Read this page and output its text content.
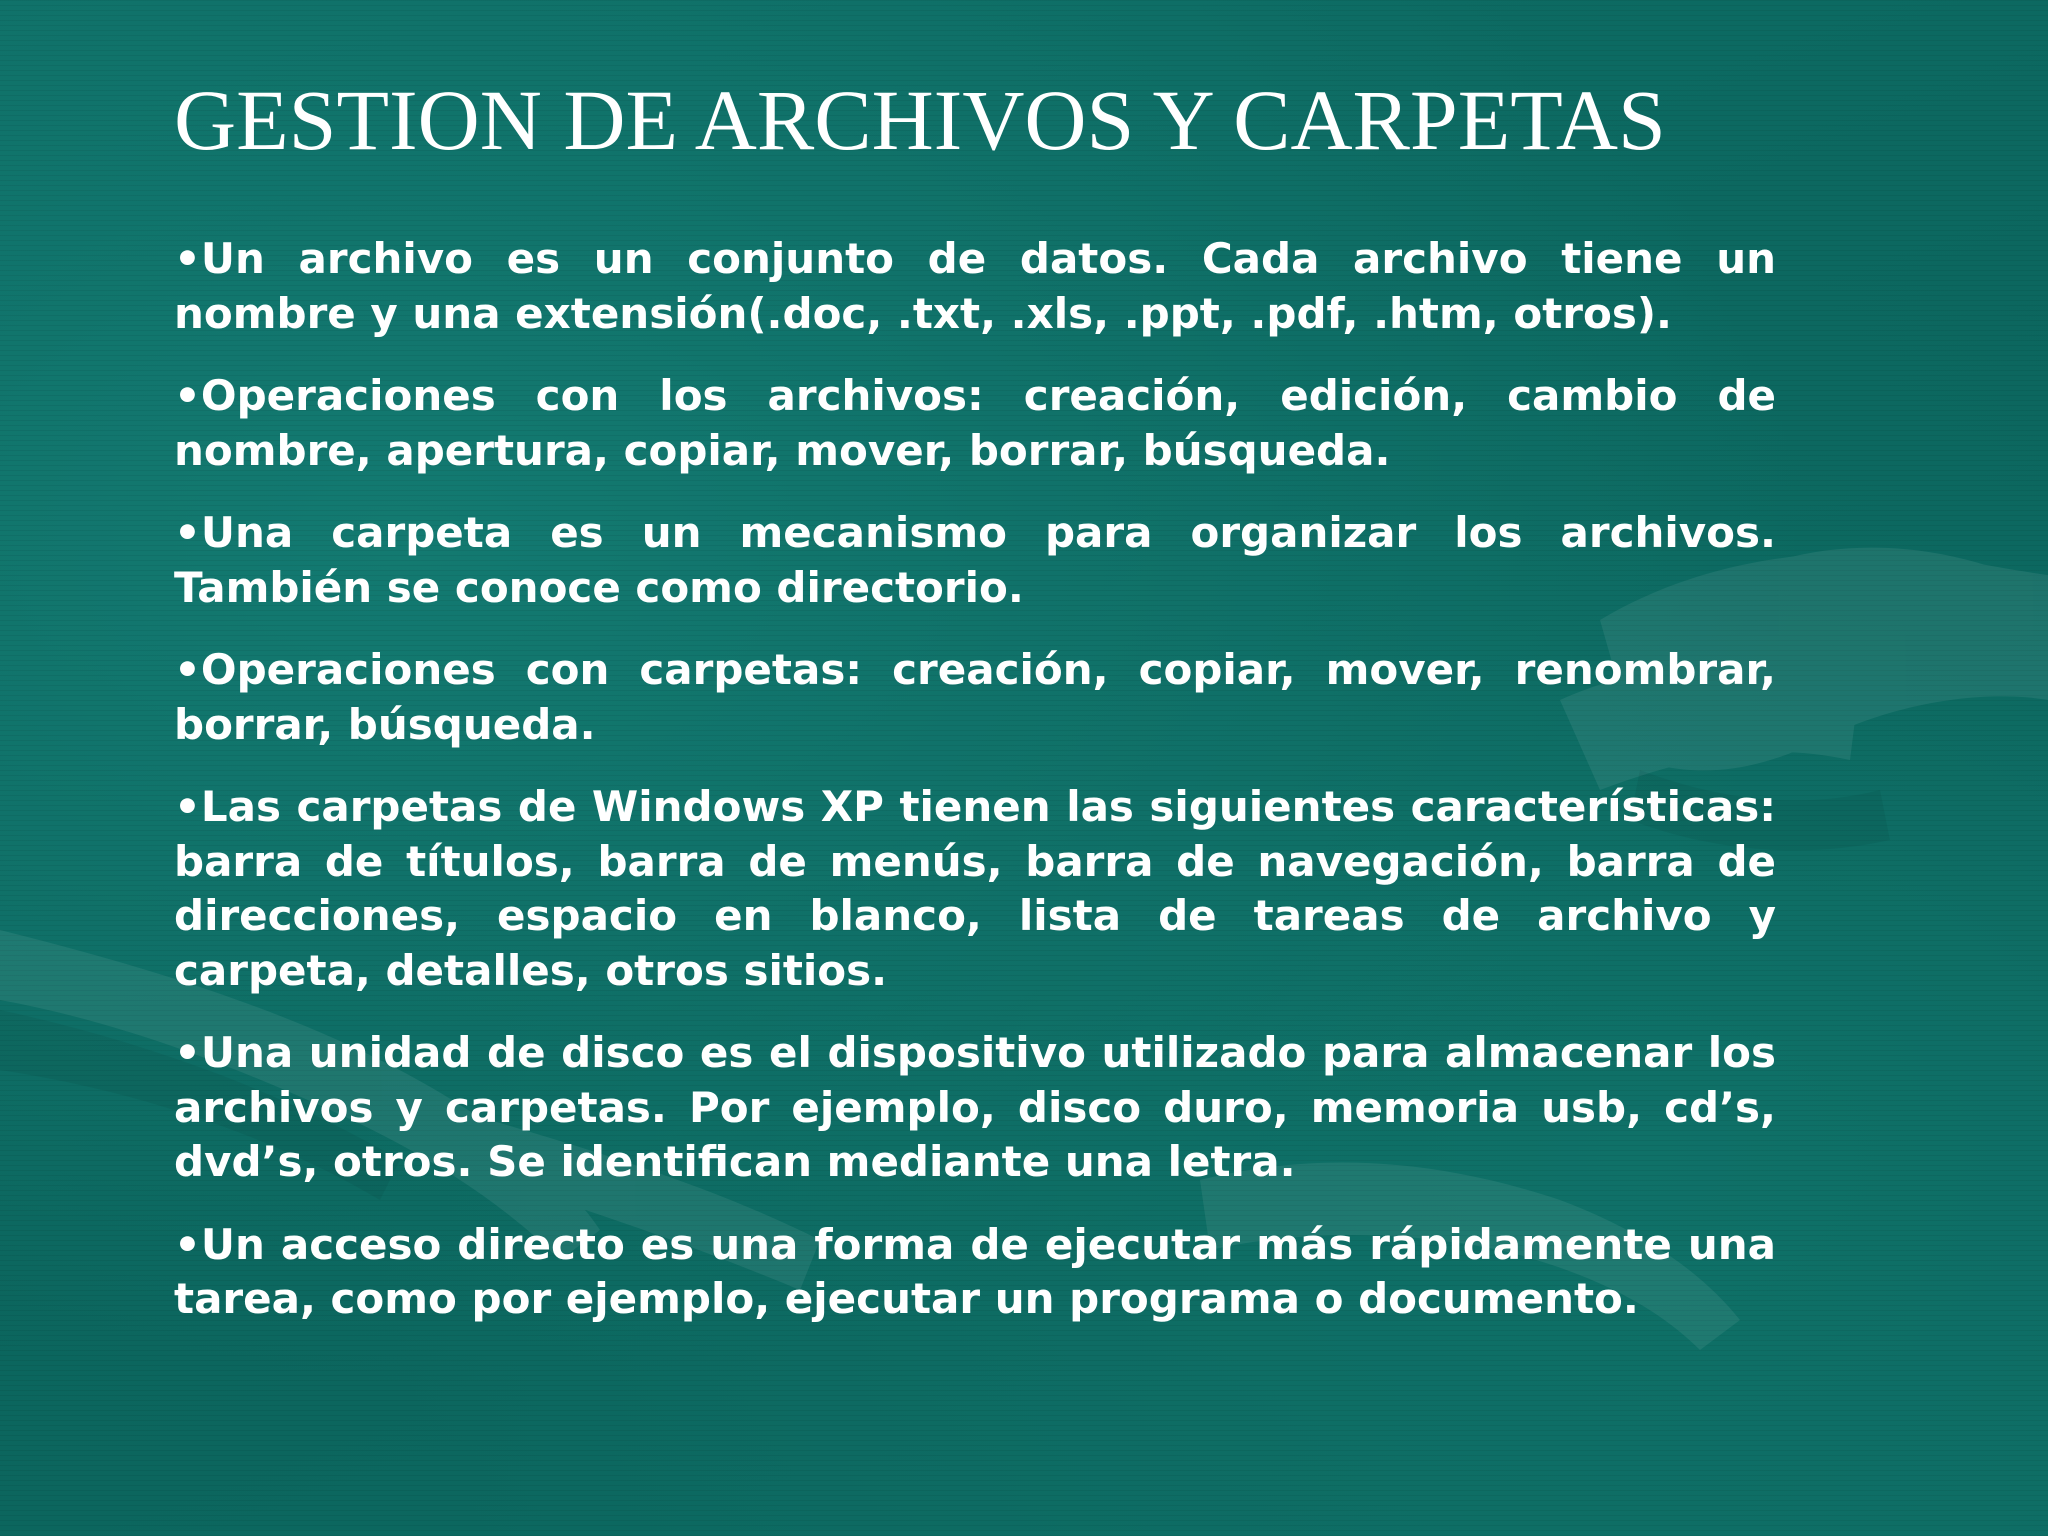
GESTION DE ARCHIVOS Y CARPETAS
•Un archivo es un conjunto de datos. Cada archivo tiene un nombre y una extensión(.doc, .txt, .xls, .ppt, .pdf, .htm, otros).
•Operaciones con los archivos: creación, edición, cambio de nombre, apertura, copiar, mover, borrar, búsqueda.
•Una carpeta es un mecanismo para organizar los archivos. También se conoce como directorio.
•Operaciones con carpetas: creación, copiar, mover, renombrar, borrar, búsqueda.
•Las carpetas de Windows XP tienen las siguientes características: barra de títulos, barra de menús, barra de navegación, barra de direcciones, espacio en blanco, lista de tareas de archivo y carpeta, detalles, otros sitios.
•Una unidad de disco es el dispositivo utilizado para almacenar los archivos y carpetas. Por ejemplo, disco duro, memoria usb, cd’s, dvd’s, otros. Se identifican mediante una letra.
•Un acceso directo es una forma de ejecutar más rápidamente una tarea, como por ejemplo, ejecutar un programa o documento.
